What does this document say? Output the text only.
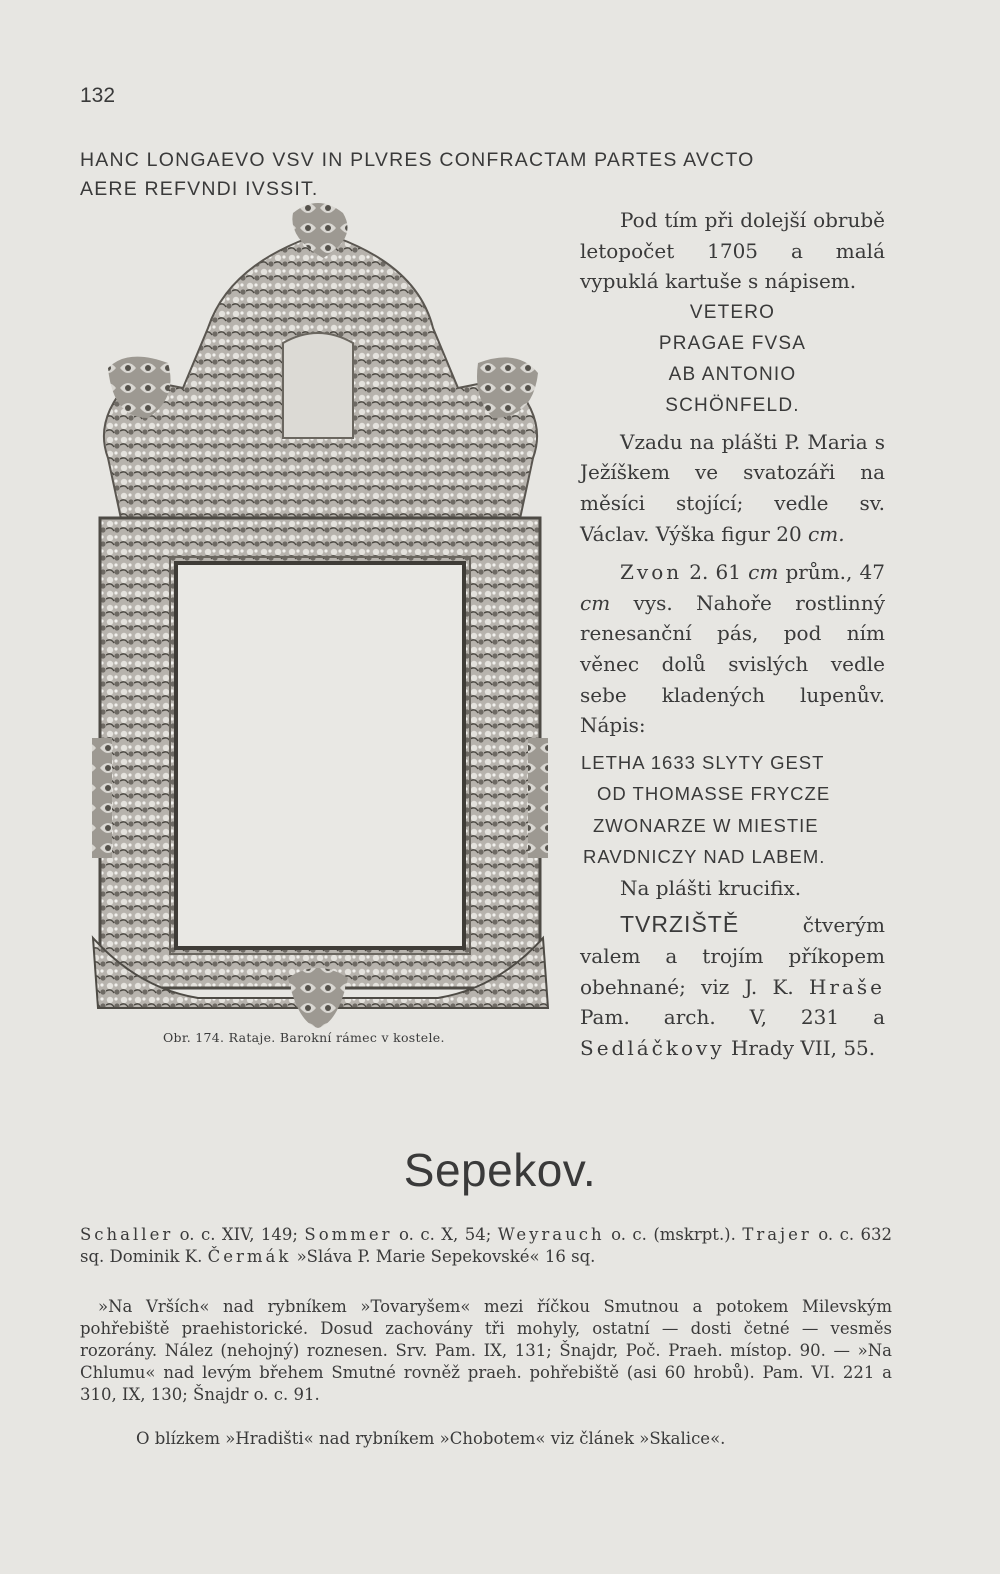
132
HANC LONGAEVO VSV IN PLVRES CONFRACTAM PARTES AVCTO
AERE REFVNDI IVSSIT.
Obr. 174. Rataje. Barokní rámec v kostele.

Pod tím při dolejší obrubě letopočet 1705 a malá vypuklá kartuše s nápisem.

VETERO
PRAGAE FVSA
AB ANTONIO
SCHÖNFELD.

Vzadu na plášti P. Maria s Ježíškem ve svatozáři na měsíci stojící; vedle sv. Václav. Výška figur 20 cm.

Zvon 2. 61 cm prům., 47 cm vys. Nahoře rostlinný renesanční pás, pod ním věnec dolů svislých vedle sebe kladených lupenův. Nápis:

LETHA 1633 SLYTY GEST
OD THOMASSE FRYCZE
ZWONARZE W MIESTIE
RAVDNICZY NAD LABEM.

Na plášti krucifix.

TVRZIŠTĚ čtverým valem a trojím příkopem obehnané; viz J. K. Hraše Pam. arch. V, 231 a Sedláčkovy Hrady VII, 55.

Sepekov.

Schaller o. c. XIV, 149; Sommer o. c. X, 54; Weyrauch o. c. (mskrpt.). Trajer o. c. 632 sq. Dominik K. Čermák »Sláva P. Marie Sepekovské« 16 sq.

»Na Vrších« nad rybníkem »Tovaryšem« mezi říčkou Smutnou a potokem Milevským pohřebiště praehistorické. Dosud zachovány tři mohyly, ostatní — dosti četné — vesměs rozorány. Nález (nehojný) roznesen. Srv. Pam. IX, 131; Šnajdr, Poč. Praeh. místop. 90. — »Na Chlumu« nad levým břehem Smutné rovněž praeh. pohřebiště (asi 60 hrobů). Pam. VI. 221 a 310, IX, 130; Šnajdr o. c. 91.

O blízkem »Hradišti« nad rybníkem »Chobotem« viz článek »Skalice«.
